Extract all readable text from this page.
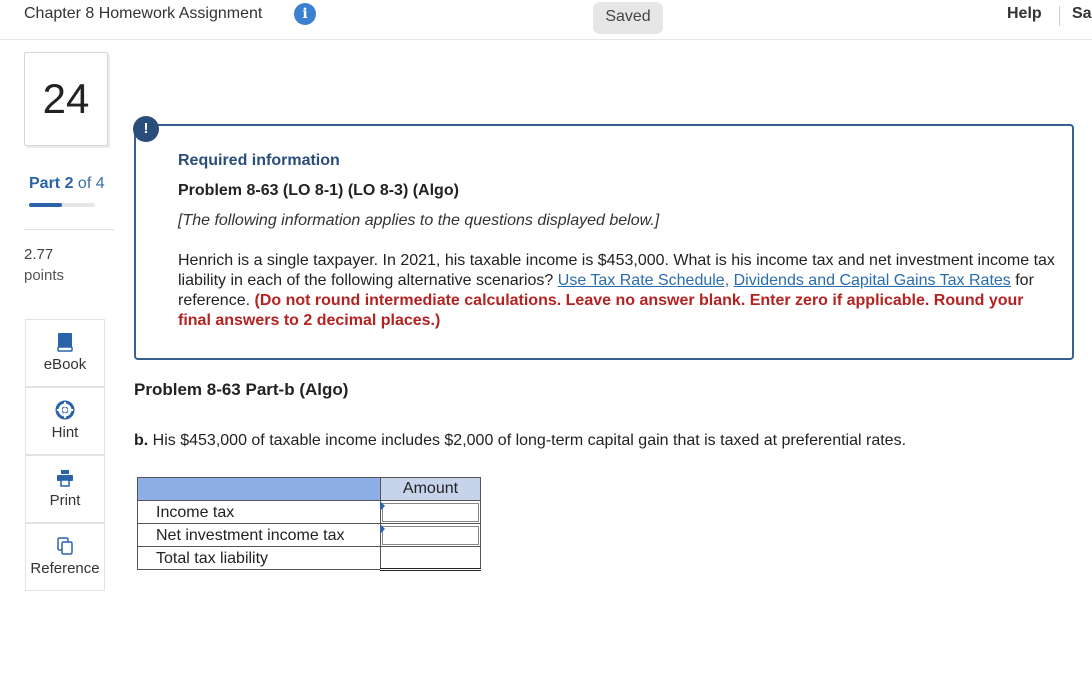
Chapter 8 Homework Assignment	i	Saved	Help Sa
24
Part 2 of 4
2.77
points
eBook
Hint
Print
Reference
!
Required information
Problem 8-63 (LO 8-1) (LO 8-3) (Algo)
[The following information applies to the questions displayed below.]
Henrich is a single taxpayer. In 2021, his taxable income is $453,000. What is his income tax and net investment income tax liability in each of the following alternative scenarios? Use Tax Rate Schedule, Dividends and Capital Gains Tax Rates for reference. (Do not round intermediate calculations. Leave no answer blank. Enter zero if applicable. Round your final answers to 2 decimal places.)
Problem 8-63 Part-b (Algo)
b. His $453,000 of taxable income includes $2,000 of long-term capital gain that is taxed at preferential rates.
	Amount
Income tax	

Net investment income tax	

Total tax liability	
